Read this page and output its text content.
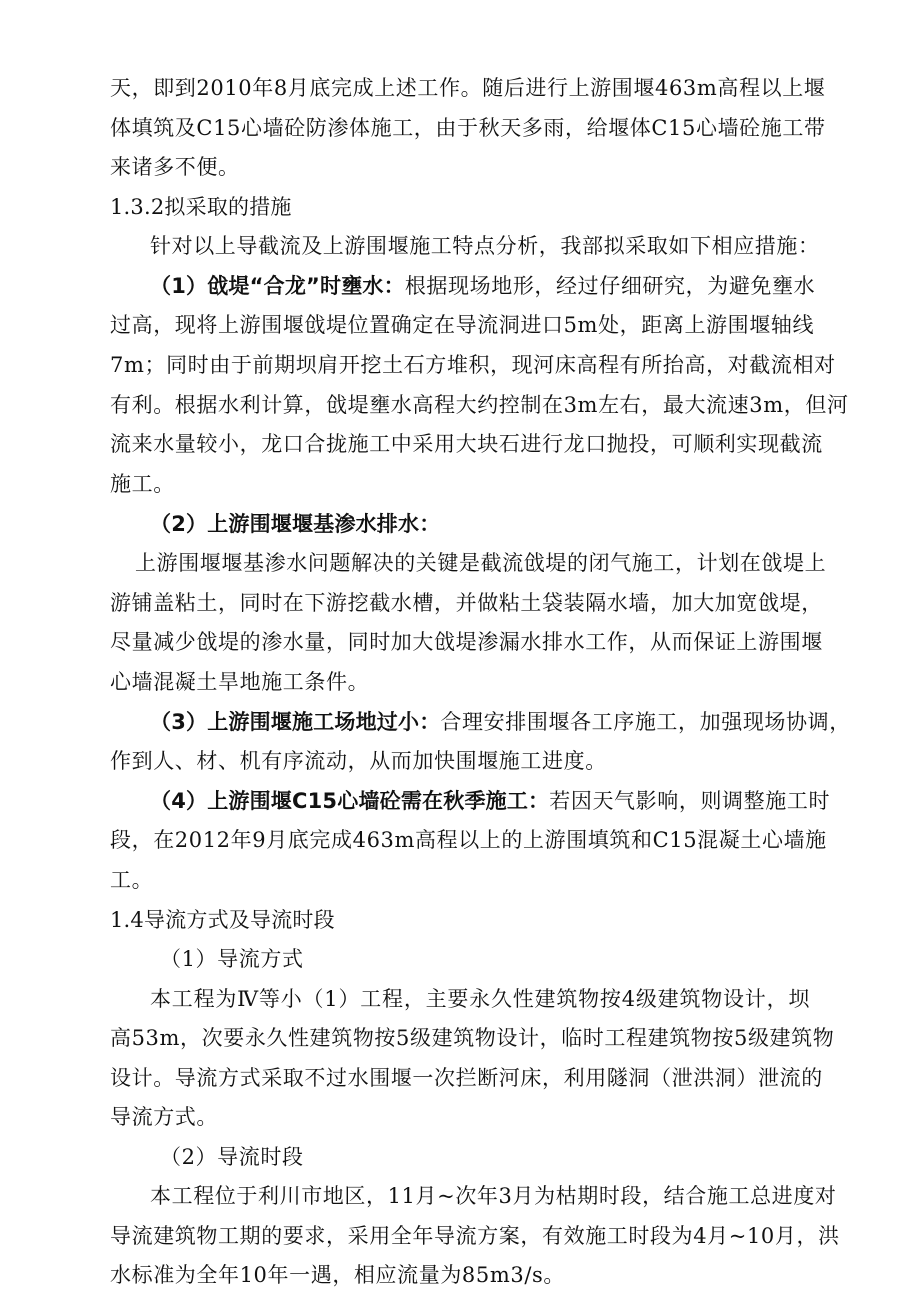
天，即到2010年8月底完成上述工作。随后进行上游围堰463m高程以上堰
体填筑及C15心墙砼防渗体施工，由于秋天多雨，给堰体C15心墙砼施工带
来诸多不便。
1.3.2拟采取的措施
针对以上导截流及上游围堰施工特点分析，我部拟采取如下相应措施：
（1）戗堤“合龙”时壅水：根据现场地形，经过仔细研究，为避免壅水
过高，现将上游围堰戗堤位置确定在导流洞进口5m处，距离上游围堰轴线
7m；同时由于前期坝肩开挖土石方堆积，现河床高程有所抬高，对截流相对
有利。根据水利计算，戗堤壅水高程大约控制在3m左右，最大流速3m，但河
流来水量较小，龙口合拢施工中采用大块石进行龙口抛投，可顺利实现截流
施工。
（2）上游围堰堰基渗水排水：
上游围堰堰基渗水问题解决的关键是截流戗堤的闭气施工，计划在戗堤上
游铺盖粘土，同时在下游挖截水槽，并做粘土袋装隔水墙，加大加宽戗堤，
尽量减少戗堤的渗水量，同时加大戗堤渗漏水排水工作，从而保证上游围堰
心墙混凝土旱地施工条件。
（3）上游围堰施工场地过小：合理安排围堰各工序施工，加强现场协调，
作到人、材、机有序流动，从而加快围堰施工进度。
（4）上游围堰C15心墙砼需在秋季施工：若因天气影响，则调整施工时
段，在2012年9月底完成463m高程以上的上游围填筑和C15混凝土心墙施
工。
1.4导流方式及导流时段
（1）导流方式
本工程为Ⅳ等小（1）工程，主要永久性建筑物按4级建筑物设计，坝
高53m，次要永久性建筑物按5级建筑物设计，临时工程建筑物按5级建筑物
设计。导流方式采取不过水围堰一次拦断河床，利用隧洞（泄洪洞）泄流的
导流方式。
（2）导流时段
本工程位于利川市地区，11月~次年3月为枯期时段，结合施工总进度对
导流建筑物工期的要求，采用全年导流方案，有效施工时段为4月~10月，洪
水标准为全年10年一遇，相应流量为85m3/s。
